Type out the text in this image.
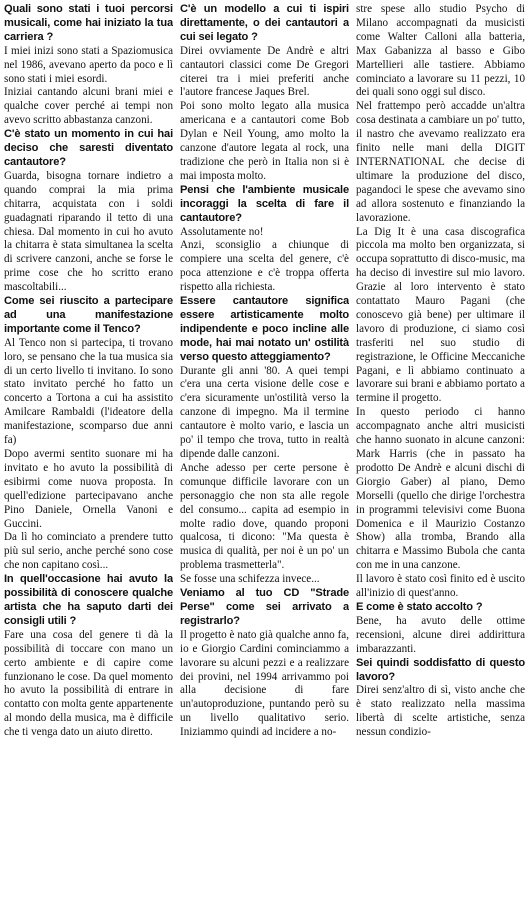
Quali sono stati i tuoi percorsi musicali, come hai iniziato la tua carriera ?

I miei inizi sono stati a Spaziomusica nel 1986, avevano aperto da poco e lì sono stati i miei esordi.

Iniziai cantando alcuni brani miei e qualche cover perché ai tempi non avevo scritto abbastanza canzoni.

C'è stato un momento in cui hai deciso che saresti diventato cantautore?

Guarda, bisogna tornare indietro a quando comprai la mia prima chitarra, acquistata con i soldi guadagnati riparando il tetto di una chiesa. Dal momento in cui ho avuto la chitarra è stata simultanea la scelta di scrivere canzoni, anche se forse le prime cose che ho scritto erano mascoltabili...

Come sei riuscito a partecipare ad una manifestazione importante come il Tenco?

Al Tenco non si partecipa, ti trovano loro, se pensano che la tua musica sia di un certo livello ti invitano. Io sono stato invitato perché ho fatto un concerto a Tortona a cui ha assistito Amilcare Rambaldi (l'ideatore della manifestazione, scomparso due anni fa)

Dopo avermi sentito suonare mi ha invitato e ho avuto la possibilità di esibirmi come nuova proposta. In quell'edizione partecipavano anche Pino Daniele, Ornella Vanoni e Guccini.

Da lì ho cominciato a prendere tutto più sul serio, anche perché sono cose che non capitano così...

In quell'occasione hai avuto la possibilità di conoscere qualche artista che ha saputo darti dei consigli utili ?

Fare una cosa del genere ti dà la possibilità di toccare con mano un certo ambiente e di capire come funzionano le cose. Da quel momento ho avuto la possibilità di entrare in contatto con molta gente appartenente al mondo della musica, ma è difficile che ti venga dato un aiuto diretto.

C'è un modello a cui ti ispiri direttamente, o dei cantautori a cui sei legato ?

Direi ovviamente De Andrè e altri cantautori classici come De Gregori citerei tra i miei preferiti anche l'autore francese Jaques Brel.

Poi sono molto legato alla musica americana e a cantautori come Bob Dylan e Neil Young, amo molto la canzone d'autore legata al rock, una tradizione che però in Italia non si è mai imposta molto.

Pensi che l'ambiente musicale incoraggi la scelta di fare il cantautore?

Assolutamente no!

Anzi, sconsiglio a chiunque di compiere una scelta del genere, c'è poca attenzione e c'è troppa offerta rispetto alla richiesta.

Essere cantautore significa essere artisticamente molto indipendente e poco incline alle mode, hai mai notato un' ostilità verso questo atteggiamento?

Durante gli anni '80. A quei tempi c'era una certa visione delle cose e c'era sicuramente un'ostilità verso la canzone di impegno. Ma il termine cantautore è molto vario, e lascia un po' il tempo che trova, tutto in realtà dipende dalle canzoni.

Anche adesso per certe persone è comunque difficile lavorare con un personaggio che non sta alle regole del consumo... capita ad esempio in molte radio dove, quando proponi qualcosa, ti dicono: "Ma questa è musica di qualità, per noi è un po' un problema trasmetterla".

Se fosse una schifezza invece...

Veniamo al tuo CD "Strade Perse" come sei arrivato a registrarlo?

Il progetto è nato già qualche anno fa, io e Giorgio Cardini cominciammo a lavorare su alcuni pezzi e a realizzare dei provini, nel 1994 arrivammo poi alla decisione di fare un'autoproduzione, puntando però su un livello qualitativo serio. Iniziammo quindi ad incidere a no-

stre spese allo studio Psycho di Milano accompagnati da musicisti come Walter Calloni alla batteria, Max Gabanizza al basso e Gibo Martellieri alle tastiere. Abbiamo cominciato a lavorare su 11 pezzi, 10 dei quali sono oggi sul disco.

Nel frattempo però accadde un'altra cosa destinata a cambiare un po' tutto, il nastro che avevamo realizzato era finito nelle mani della DIGIT INTERNATIONAL che decise di ultimare la produzione del disco, pagandoci le spese che avevamo sino ad allora sostenuto e finanziando la lavorazione.

La Dig It è una casa discografica piccola ma molto ben organizzata, si occupa soprattutto di disco-music, ma ha deciso di investire sul mio lavoro. Grazie al loro intervento è stato contattato Mauro Pagani (che conoscevo già bene) per ultimare il lavoro di produzione, ci siamo così trasferiti nel suo studio di registrazione, le Officine Meccaniche Pagani, e lì abbiamo continuato a lavorare sui brani e abbiamo portato a termine il progetto.

In questo periodo ci hanno accompagnato anche altri musicisti che hanno suonato in alcune canzoni: Mark Harris (che in passato ha prodotto De Andrè e alcuni dischi di Giorgio Gaber) al piano, Demo Morselli (quello che dirige l'orchestra in programmi televisivi come Buona Domenica e il Maurizio Costanzo Show) alla tromba, Brando alla chitarra e Massimo Bubola che canta con me in una canzone.

Il lavoro è stato così finito ed è uscito all'inizio di quest'anno.

E come è stato accolto ?

Bene, ha avuto delle ottime recensioni, alcune direi addirittura imbarazzanti.

Sei quindi soddisfatto di questo lavoro?

Direi senz'altro di sì, visto anche che è stato realizzato nella massima libertà di scelte artistiche, senza nessun condizio-
